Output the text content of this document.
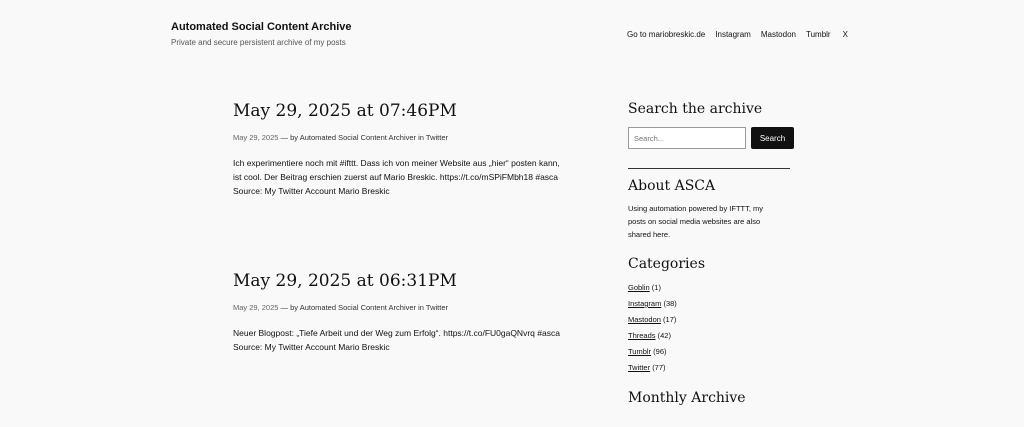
Automated Social Content Archive
Private and secure persistent archive of my posts
Go to mariobreskic.de Instagram Mastodon Tumblr X
May 29, 2025 at 07:46PM
May 29, 2025 — by Automated Social Content Archiver in Twitter
Ich experimentiere noch mit #ifttt. Dass ich von meiner Website aus „hier“ posten kann, ist cool. Der Beitrag erschien zuerst auf Mario Breskic. https://t.co/mSPiFMbh18 #asca Source: My Twitter Account Mario Breskic
May 29, 2025 at 06:31PM
May 29, 2025 — by Automated Social Content Archiver in Twitter
Neuer Blogpost: „Tiefe Arbeit und der Weg zum Erfolg“. https://t.co/FU0gaQNvrq #asca Source: My Twitter Account Mario Breskic
Search the archive
Search...
Search
About ASCA
Using automation powered by IFTTT, my posts on social media websites are also shared here.
Categories
Goblin (1)
Instagram (38)
Mastodon (17)
Threads (42)
Tumblr (96)
Twitter (77)
Monthly Archive
